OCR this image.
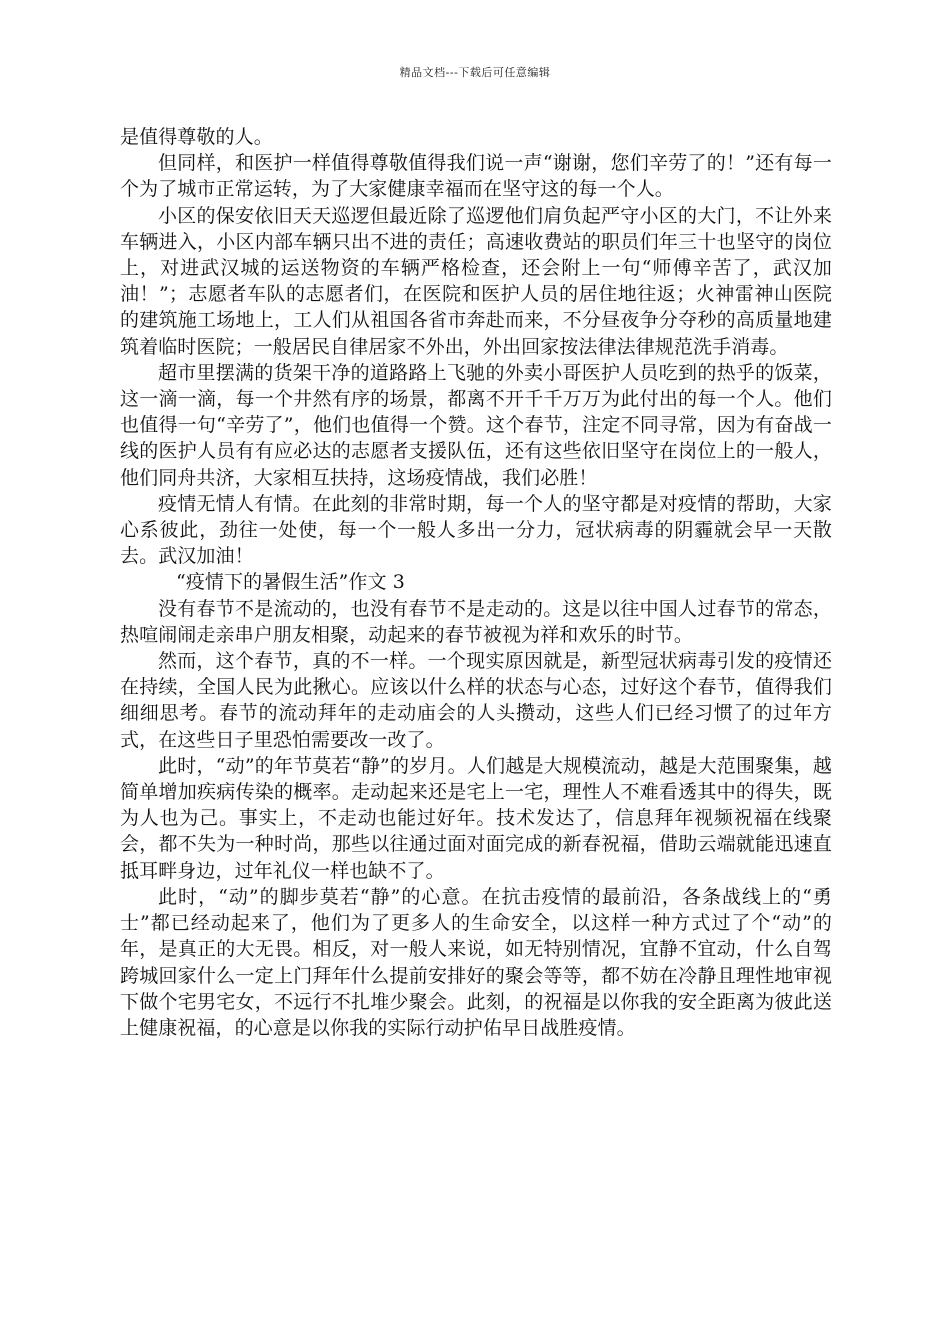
精品文档---下载后可任意编辑

是值得尊敬的人。

但同样，和医护一样值得尊敬值得我们说一声“谢谢，您们辛劳了的！”还有每一个为了城市正常运转，为了大家健康幸福而在坚守这的每一个人。

小区的保安依旧天天巡逻但最近除了巡逻他们肩负起严守小区的大门，不让外来车辆进入，小区内部车辆只出不进的责任；高速收费站的职员们年三十也坚守的岗位上，对进武汉城的运送物资的车辆严格检查，还会附上一句“师傅辛苦了，武汉加油！”；志愿者车队的志愿者们，在医院和医护人员的居住地往返；火神雷神山医院的建筑施工场地上，工人们从祖国各省市奔赴而来，不分昼夜争分夺秒的高质量地建筑着临时医院；一般居民自律居家不外出，外出回家按法律法律规范洗手消毒。

超市里摆满的货架干净的道路路上飞驰的外卖小哥医护人员吃到的热乎的饭菜，这一滴一滴，每一个井然有序的场景，都离不开千千万万为此付出的每一个人。他们也值得一句“辛劳了”，他们也值得一个赞。这个春节，注定不同寻常，因为有奋战一线的医护人员有有应必达的志愿者支援队伍，还有这些依旧坚守在岗位上的一般人，他们同舟共济，大家相互扶持，这场疫情战，我们必胜！

疫情无情人有情。在此刻的非常时期，每一个人的坚守都是对疫情的帮助，大家心系彼此，劲往一处使，每一个一般人多出一分力，冠状病毒的阴霾就会早一天散去。武汉加油！

“疫情下的暑假生活”作文 3

没有春节不是流动的，也没有春节不是走动的。这是以往中国人过春节的常态，热喧闹闹走亲串户朋友相聚，动起来的春节被视为祥和欢乐的时节。

然而，这个春节，真的不一样。一个现实原因就是，新型冠状病毒引发的疫情还在持续，全国人民为此揪心。应该以什么样的状态与心态，过好这个春节，值得我们细细思考。春节的流动拜年的走动庙会的人头攒动，这些人们已经习惯了的过年方式，在这些日子里恐怕需要改一改了。

此时，“动”的年节莫若“静”的岁月。人们越是大规模流动，越是大范围聚集，越简单增加疾病传染的概率。走动起来还是宅上一宅，理性人不难看透其中的得失，既为人也为己。事实上，不走动也能过好年。技术发达了，信息拜年视频祝福在线聚会，都不失为一种时尚，那些以往通过面对面完成的新春祝福，借助云端就能迅速直抵耳畔身边，过年礼仪一样也缺不了。

此时，“动”的脚步莫若“静”的心意。在抗击疫情的最前沿，各条战线上的“勇士”都已经动起来了，他们为了更多人的生命安全，以这样一种方式过了个“动”的年，是真正的大无畏。相反，对一般人来说，如无特别情况，宜静不宜动，什么自驾跨城回家什么一定上门拜年什么提前安排好的聚会等等，都不妨在冷静且理性地审视下做个宅男宅女，不远行不扎堆少聚会。此刻，的祝福是以你我的安全距离为彼此送上健康祝福，的心意是以你我的实际行动护佑早日战胜疫情。
